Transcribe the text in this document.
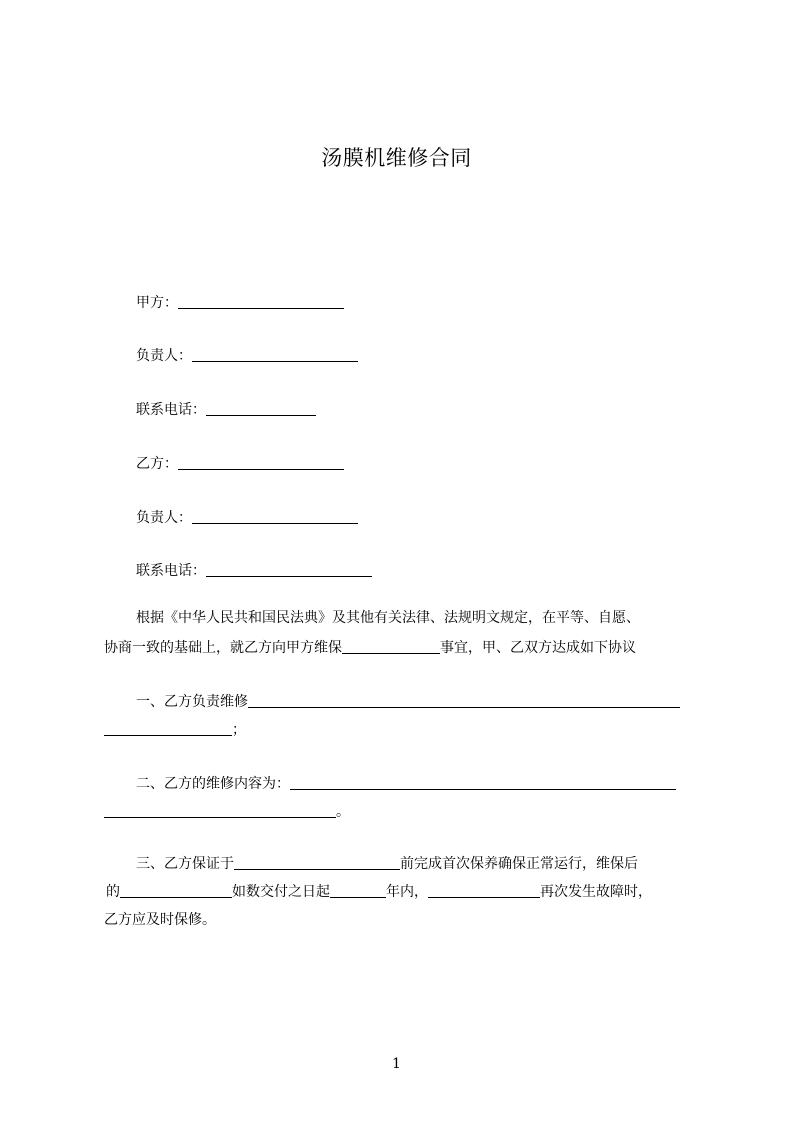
汤膜机维修合同
甲方：
负责人：
联系电话：
乙方：
负责人：
联系电话：
根据《中华人民共和国民法典》及其他有关法律、法规明文规定，在平等、自愿、
协商一致的基础上，就乙方向甲方维保	事宜，甲、乙双方达成如下协议
一、乙方负责维修
；
二、乙方的维修内容为：
。
三、乙方保证于	前完成首次保养确保正常运行，维保后
的	如数交付之日起	年内，	再次发生故障时，
乙方应及时保修。
1
